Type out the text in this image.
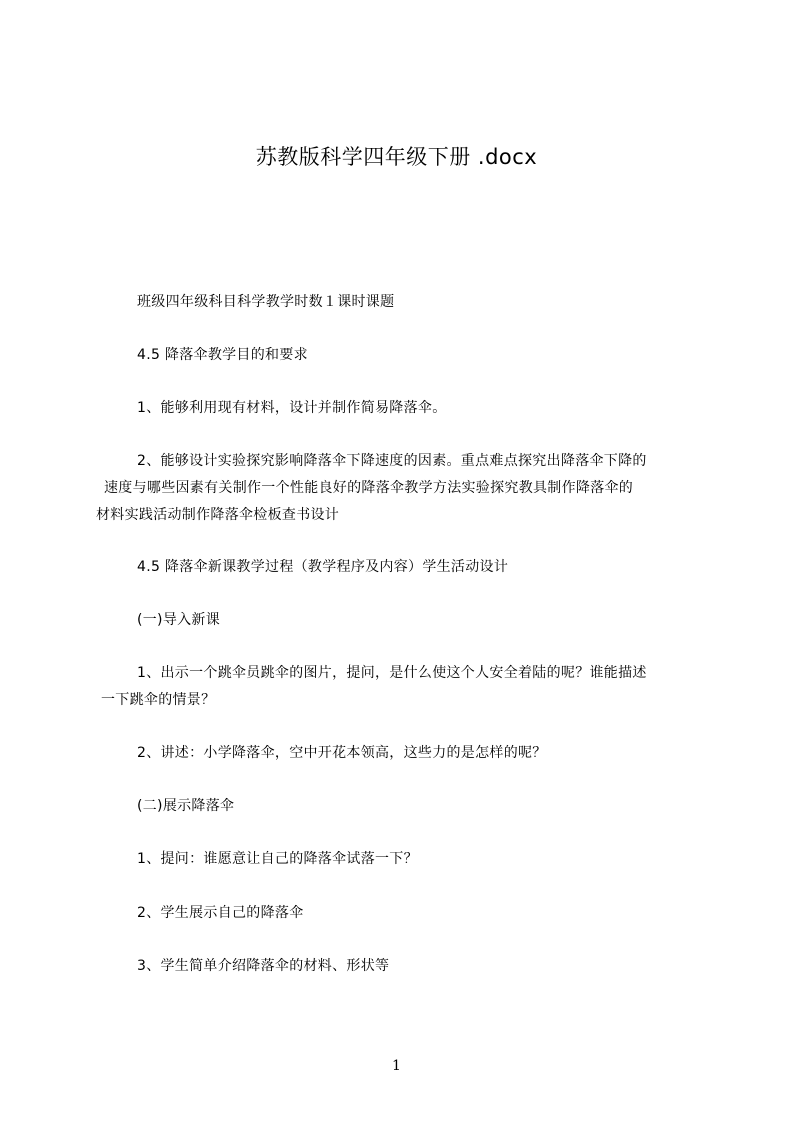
苏教版科学四年级下册 .docx
班级四年级科目科学教学时数１课时课题
4.5 降落伞教学目的和要求
1、能够利用现有材料，设计并制作简易降落伞。
2、能够设计实验探究影响降落伞下降速度的因素。重点难点探究出降落伞下降的
速度与哪些因素有关制作一个性能良好的降落伞教学方法实验探究教具制作降落伞的
材料实践活动制作降落伞检板查书设计
4.5 降落伞新课教学过程（教学程序及内容）学生活动设计
(一)导入新课
1、出示一个跳伞员跳伞的图片，提问，是什么使这个人安全着陆的呢？谁能描述
一下跳伞的情景？
2、讲述：小学降落伞，空中开花本领高，这些力的是怎样的呢？
(二)展示降落伞
1、提问：谁愿意让自己的降落伞试落一下？
2、学生展示自己的降落伞
3、学生简单介绍降落伞的材料、形状等
1
